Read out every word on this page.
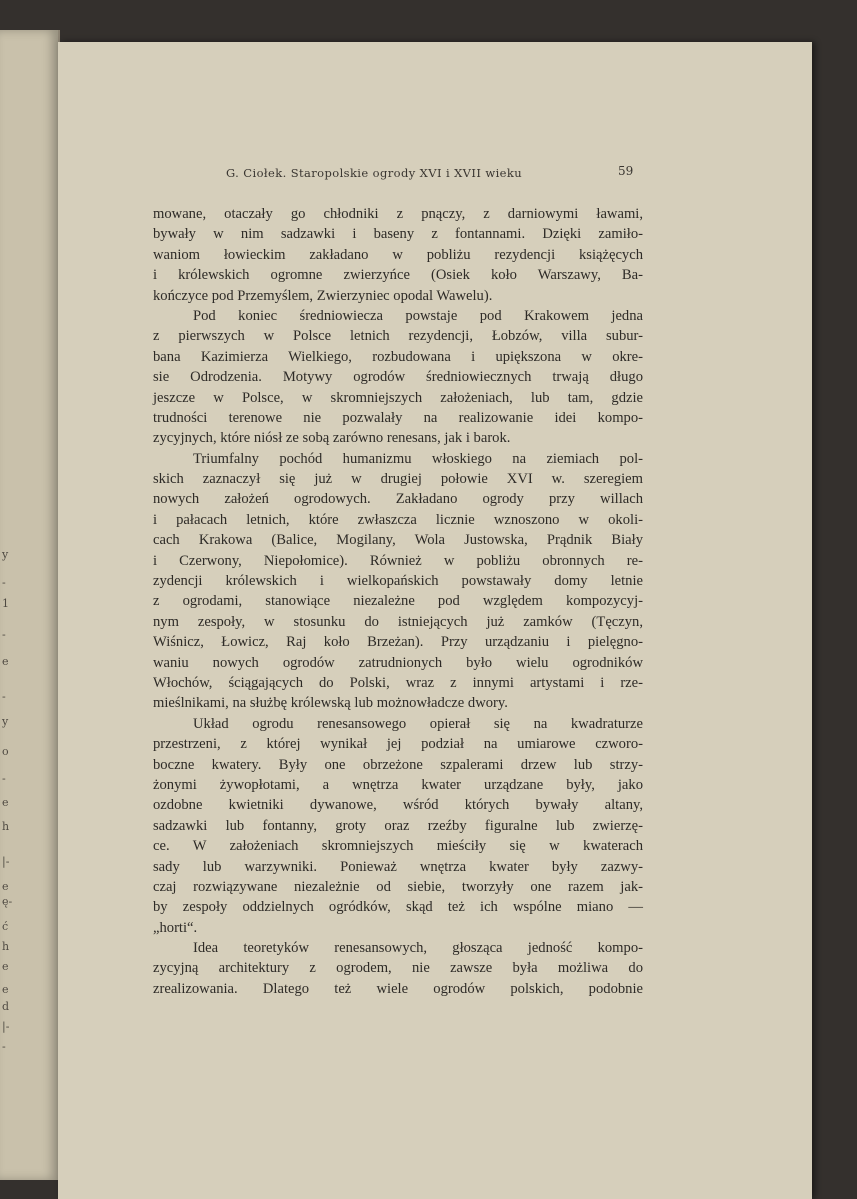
y
-
1
-
e
-
y
o
-
e
h
|-
e
ę-
ć
h
e
e
d
|-
-
G. Ciołek. Staropolskie ogrody XVI i XVII wieku	59
mowane, otaczały go chłodniki z pnączy, z darniowymi ławami,
bywały w nim sadzawki i baseny z fontannami. Dzięki zamiło-
waniom łowieckim zakładano w pobliżu rezydencji książęcych
i królewskich ogromne zwierzyńce (Osiek koło Warszawy, Ba-
kończyce pod Przemyślem, Zwierzyniec opodal Wawelu).
Pod koniec średniowiecza powstaje pod Krakowem jedna
z pierwszych w Polsce letnich rezydencji, Łobzów, villa subur-
bana Kazimierza Wielkiego, rozbudowana i upiększona w okre-
sie Odrodzenia. Motywy ogrodów średniowiecznych trwają długo
jeszcze w Polsce, w skromniejszych założeniach, lub tam, gdzie
trudności terenowe nie pozwalały na realizowanie idei kompo-
zycyjnych, które niósł ze sobą zarówno renesans, jak i barok.
Triumfalny pochód humanizmu włoskiego na ziemiach pol-
skich zaznaczył się już w drugiej połowie XVI w. szeregiem
nowych założeń ogrodowych. Zakładano ogrody przy willach
i pałacach letnich, które zwłaszcza licznie wznoszono w okoli-
cach Krakowa (Balice, Mogilany, Wola Justowska, Prądnik Biały
i Czerwony, Niepołomice). Również w pobliżu obronnych re-
zydencji królewskich i wielkopańskich powstawały domy letnie
z ogrodami, stanowiące niezależne pod względem kompozycyj-
nym zespoły, w stosunku do istniejących już zamków (Tęczyn,
Wiśnicz, Łowicz, Raj koło Brzeżan). Przy urządzaniu i pielęgno-
waniu nowych ogrodów zatrudnionych było wielu ogrodników
Włochów, ściągających do Polski, wraz z innymi artystami i rze-
mieślnikami, na służbę królewską lub możnowładcze dwory.
Układ ogrodu renesansowego opierał się na kwadraturze
przestrzeni, z której wynikał jej podział na umiarowe czworo-
boczne kwatery. Były one obrzeżone szpalerami drzew lub strzy-
żonymi żywopłotami, a wnętrza kwater urządzane były, jako
ozdobne kwietniki dywanowe, wśród których bywały altany,
sadzawki lub fontanny, groty oraz rzeźby figuralne lub zwierzę-
ce. W założeniach skromniejszych mieściły się w kwaterach
sady lub warzywniki. Ponieważ wnętrza kwater były zazwy-
czaj rozwiązywane niezależnie od siebie, tworzyły one razem jak-
by zespoły oddzielnych ogródków, skąd też ich wspólne miano —
„horti“.
Idea teoretyków renesansowych, głosząca jedność kompo-
zycyjną architektury z ogrodem, nie zawsze była możliwa do
zrealizowania. Dlatego też wiele ogrodów polskich, podobnie
